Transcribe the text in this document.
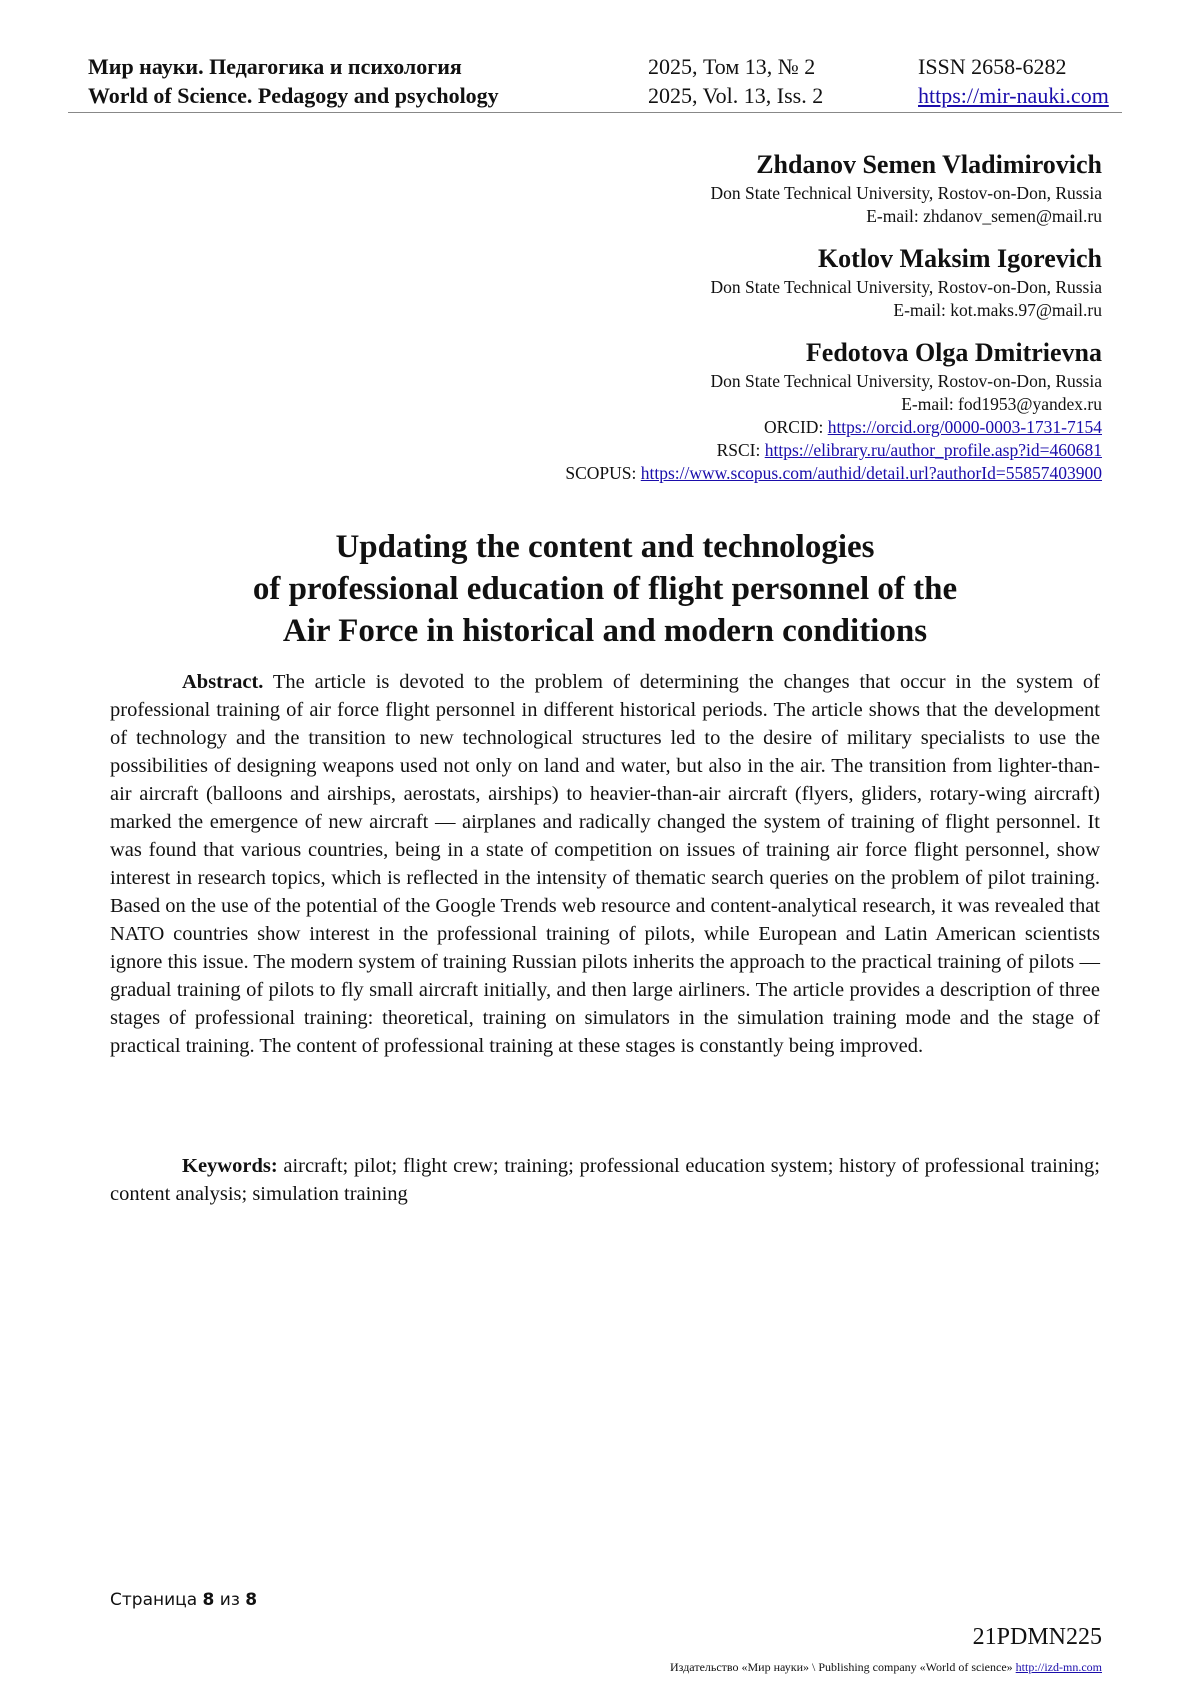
Мир науки. Педагогика и психология
World of Science. Pedagogy and psychology
2025, Том 13, № 2
2025, Vol. 13, Iss. 2
ISSN 2658-6282
https://mir-nauki.com
Zhdanov Semen Vladimirovich
Don State Technical University, Rostov-on-Don, Russia
E-mail: zhdanov_semen@mail.ru
Kotlov Maksim Igorevich
Don State Technical University, Rostov-on-Don, Russia
E-mail: kot.maks.97@mail.ru
Fedotova Olga Dmitrievna
Don State Technical University, Rostov-on-Don, Russia
E-mail: fod1953@yandex.ru
ORCID: https://orcid.org/0000-0003-1731-7154
RSCI: https://elibrary.ru/author_profile.asp?id=460681
SCOPUS: https://www.scopus.com/authid/detail.url?authorId=55857403900
Updating the content and technologies
of professional education of flight personnel of the
Air Force in historical and modern conditions
Abstract. The article is devoted to the problem of determining the changes that occur in the system of professional training of air force flight personnel in different historical periods. The article shows that the development of technology and the transition to new technological structures led to the desire of military specialists to use the possibilities of designing weapons used not only on land and water, but also in the air. The transition from lighter-than-air aircraft (balloons and airships, aerostats, airships) to heavier-than-air aircraft (flyers, gliders, rotary-wing aircraft) marked the emergence of new aircraft — airplanes and radically changed the system of training of flight personnel. It was found that various countries, being in a state of competition on issues of training air force flight personnel, show interest in research topics, which is reflected in the intensity of thematic search queries on the problem of pilot training. Based on the use of the potential of the Google Trends web resource and content-analytical research, it was revealed that NATO countries show interest in the professional training of pilots, while European and Latin American scientists ignore this issue. The modern system of training Russian pilots inherits the approach to the practical training of pilots — gradual training of pilots to fly small aircraft initially, and then large airliners. The article provides a description of three stages of professional training: theoretical, training on simulators in the simulation training mode and the stage of practical training. The content of professional training at these stages is constantly being improved.
Keywords: aircraft; pilot; flight crew; training; professional education system; history of professional training; content analysis; simulation training
Страница 8 из 8
21PDMN225
Издательство «Мир науки» \ Publishing company «World of science» http://izd-mn.com
